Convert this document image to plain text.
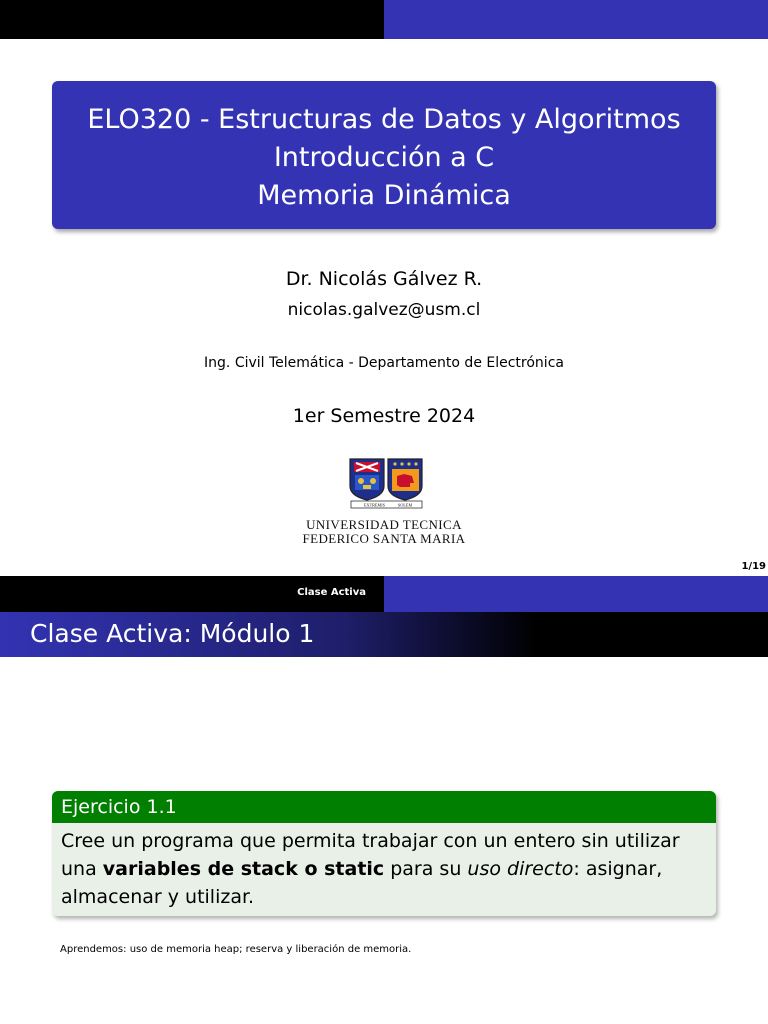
ELO320 - Estructuras de Datos y Algoritmos
Introducción a C
Memoria Dinámica
Dr. Nicolás Gálvez R.
nicolas.galvez@usm.cl
Ing. Civil Telemática - Departamento de Electrónica
1er Semestre 2024
EXTREMIS	SOLEM
UNIVERSIDAD TECNICA
FEDERICO SANTA MARIA
1/19
Clase Activa
Clase Activa: Módulo 1
Ejercicio 1.1
Cree un programa que permita trabajar con un entero sin utilizar una variables de stack o static para su uso directo: asignar, almacenar y utilizar.
Aprendemos: uso de memoria heap; reserva y liberación de memoria.
